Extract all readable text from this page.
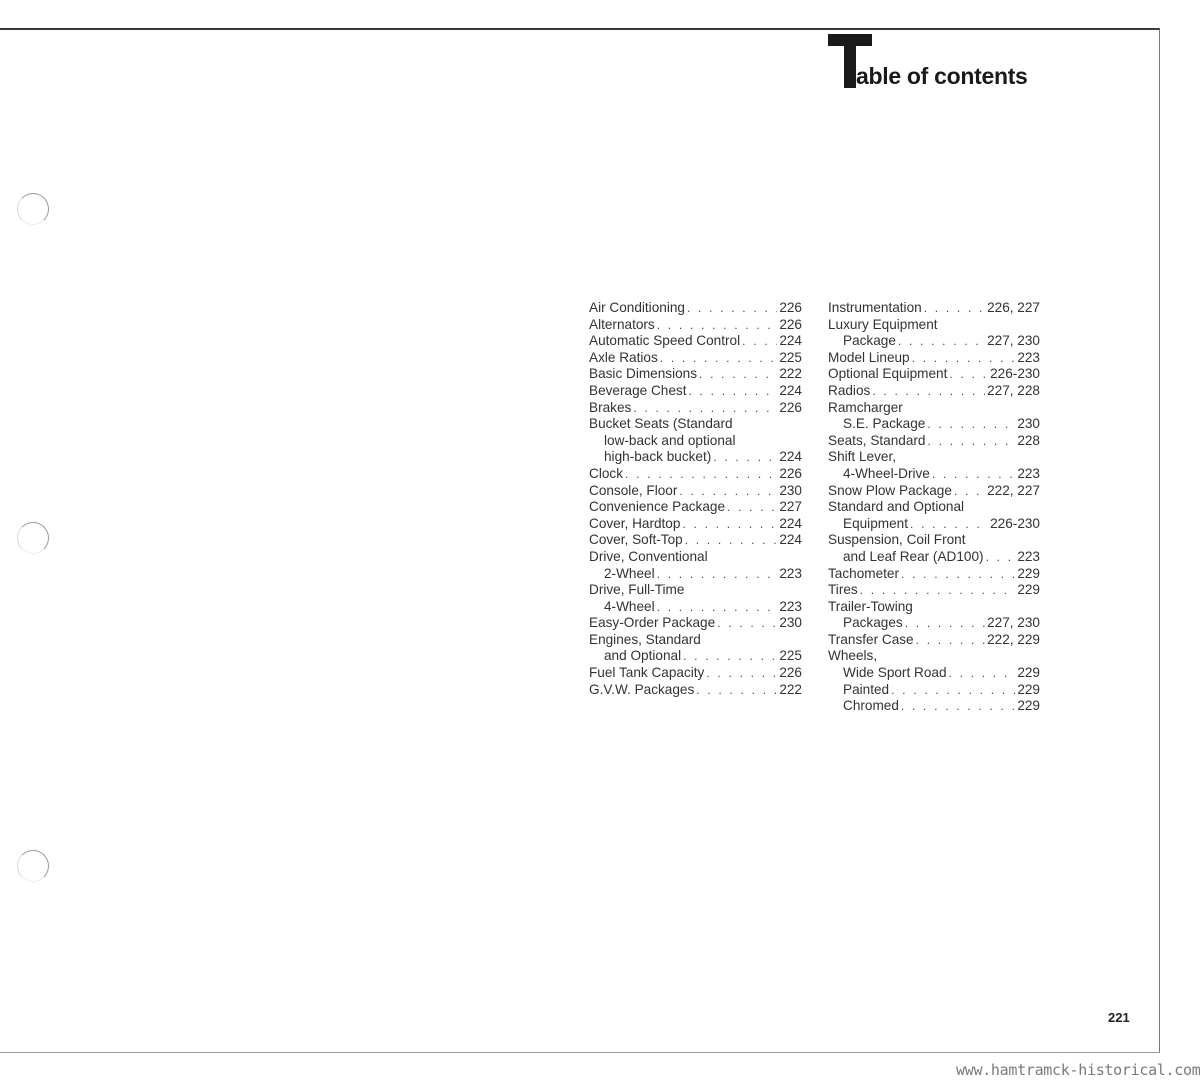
able of contents
Air Conditioning . . .	226
Alternators . . .	226
Automatic Speed Control . . .	224
Axle Ratios . . .	225
Basic Dimensions . . .	222
Beverage Chest . . .	224
Brakes . . .	226
Bucket Seats (Standard
low-back and optional
high-back bucket) . . .	224
Clock . . .	226
Console, Floor . . .	230
Convenience Package . . .	227
Cover, Hardtop . . .	224
Cover, Soft-Top . . .	224
Drive, Conventional
2-Wheel . . .	223
Drive, Full-Time
4-Wheel . . .	223
Easy-Order Package . . .	230
Engines, Standard
and Optional . . .	225
Fuel Tank Capacity . . .	226
G.V.W. Packages . . .	222
Instrumentation . . .	226, 227
Luxury Equipment
Package . . .	227, 230
Model Lineup . . .	223
Optional Equipment . . .	226-230
Radios . . .	227, 228
Ramcharger
S.E. Package . . .	230
Seats, Standard . . .	228
Shift Lever,
4-Wheel-Drive . . .	223
Snow Plow Package . . .	222, 227
Standard and Optional
Equipment . . .	226-230
Suspension, Coil Front
and Leaf Rear (AD100) . . . 223
Tachometer . . .	229
Tires . . .	229
Trailer-Towing
Packages . . .	227, 230
Transfer Case . . .	222, 229
Wheels,
Wide Sport Road . . .	229
Painted . . .	229
Chromed . . .	229
221
www.hamtramck-historical.com
